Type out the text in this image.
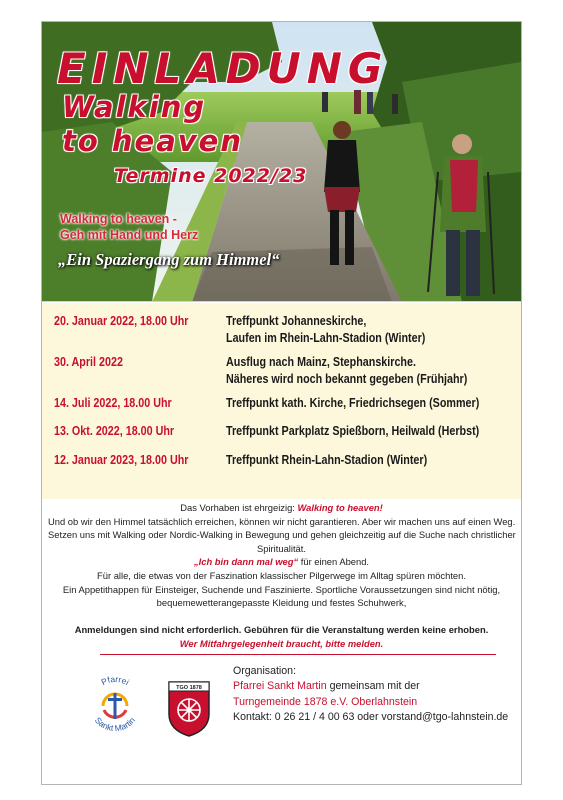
EINLADUNG
Walking
to heaven
Termine 2022/23
Walking to heaven -
Geh mit Hand und Herz
„Ein Spaziergang zum Himmel“
20. Januar 2022, 18.00 Uhr	Treffpunkt Johanneskirche,
Laufen im Rhein-Lahn-Stadion (Winter)
30. April 2022	Ausflug nach Mainz, Stephanskirche.
Näheres wird noch bekannt gegeben (Frühjahr)
14. Juli 2022, 18.00 Uhr	Treffpunkt kath. Kirche, Friedrichsegen (Sommer)
13. Okt. 2022, 18.00 Uhr	Treffpunkt Parkplatz Spießborn, Heilwald (Herbst)
12. Januar 2023, 18.00 Uhr	Treffpunkt Rhein-Lahn-Stadion (Winter)

Das Vorhaben ist ehrgeizig: Walking to heaven!

Und ob wir den Himmel tatsächlich erreichen, können wir nicht garantieren. Aber wir machen uns auf einen Weg.

Setzen uns mit Walking oder Nordic-Walking in Bewegung und gehen gleichzeitig auf die Suche nach christlicher

Spiritualität.

„Ich bin dann mal weg“ für einen Abend.

Für alle, die etwas von der Faszination klassischer Pilgerwege im Alltag spüren möchten.

Ein Appetithappen für Einsteiger, Suchende und Faszinierte. Sportliche Voraussetzungen sind nicht nötig,

bequemewetterangepasste Kleidung und festes Schuhwerk,

Anmeldungen sind nicht erforderlich. Gebühren für die Veranstaltung werden keine erhoben.

Wer Mitfahrgelegenheit braucht, bitte melden.

Pfarrei
Sankt Martin
TGO 1878
Organisation:
Pfarrei Sankt Martin gemeinsam mit der
Turngemeinde 1878 e.V. Oberlahnstein
Kontakt: 0 26 21 / 4 00 63 oder vorstand@tgo-lahnstein.de
